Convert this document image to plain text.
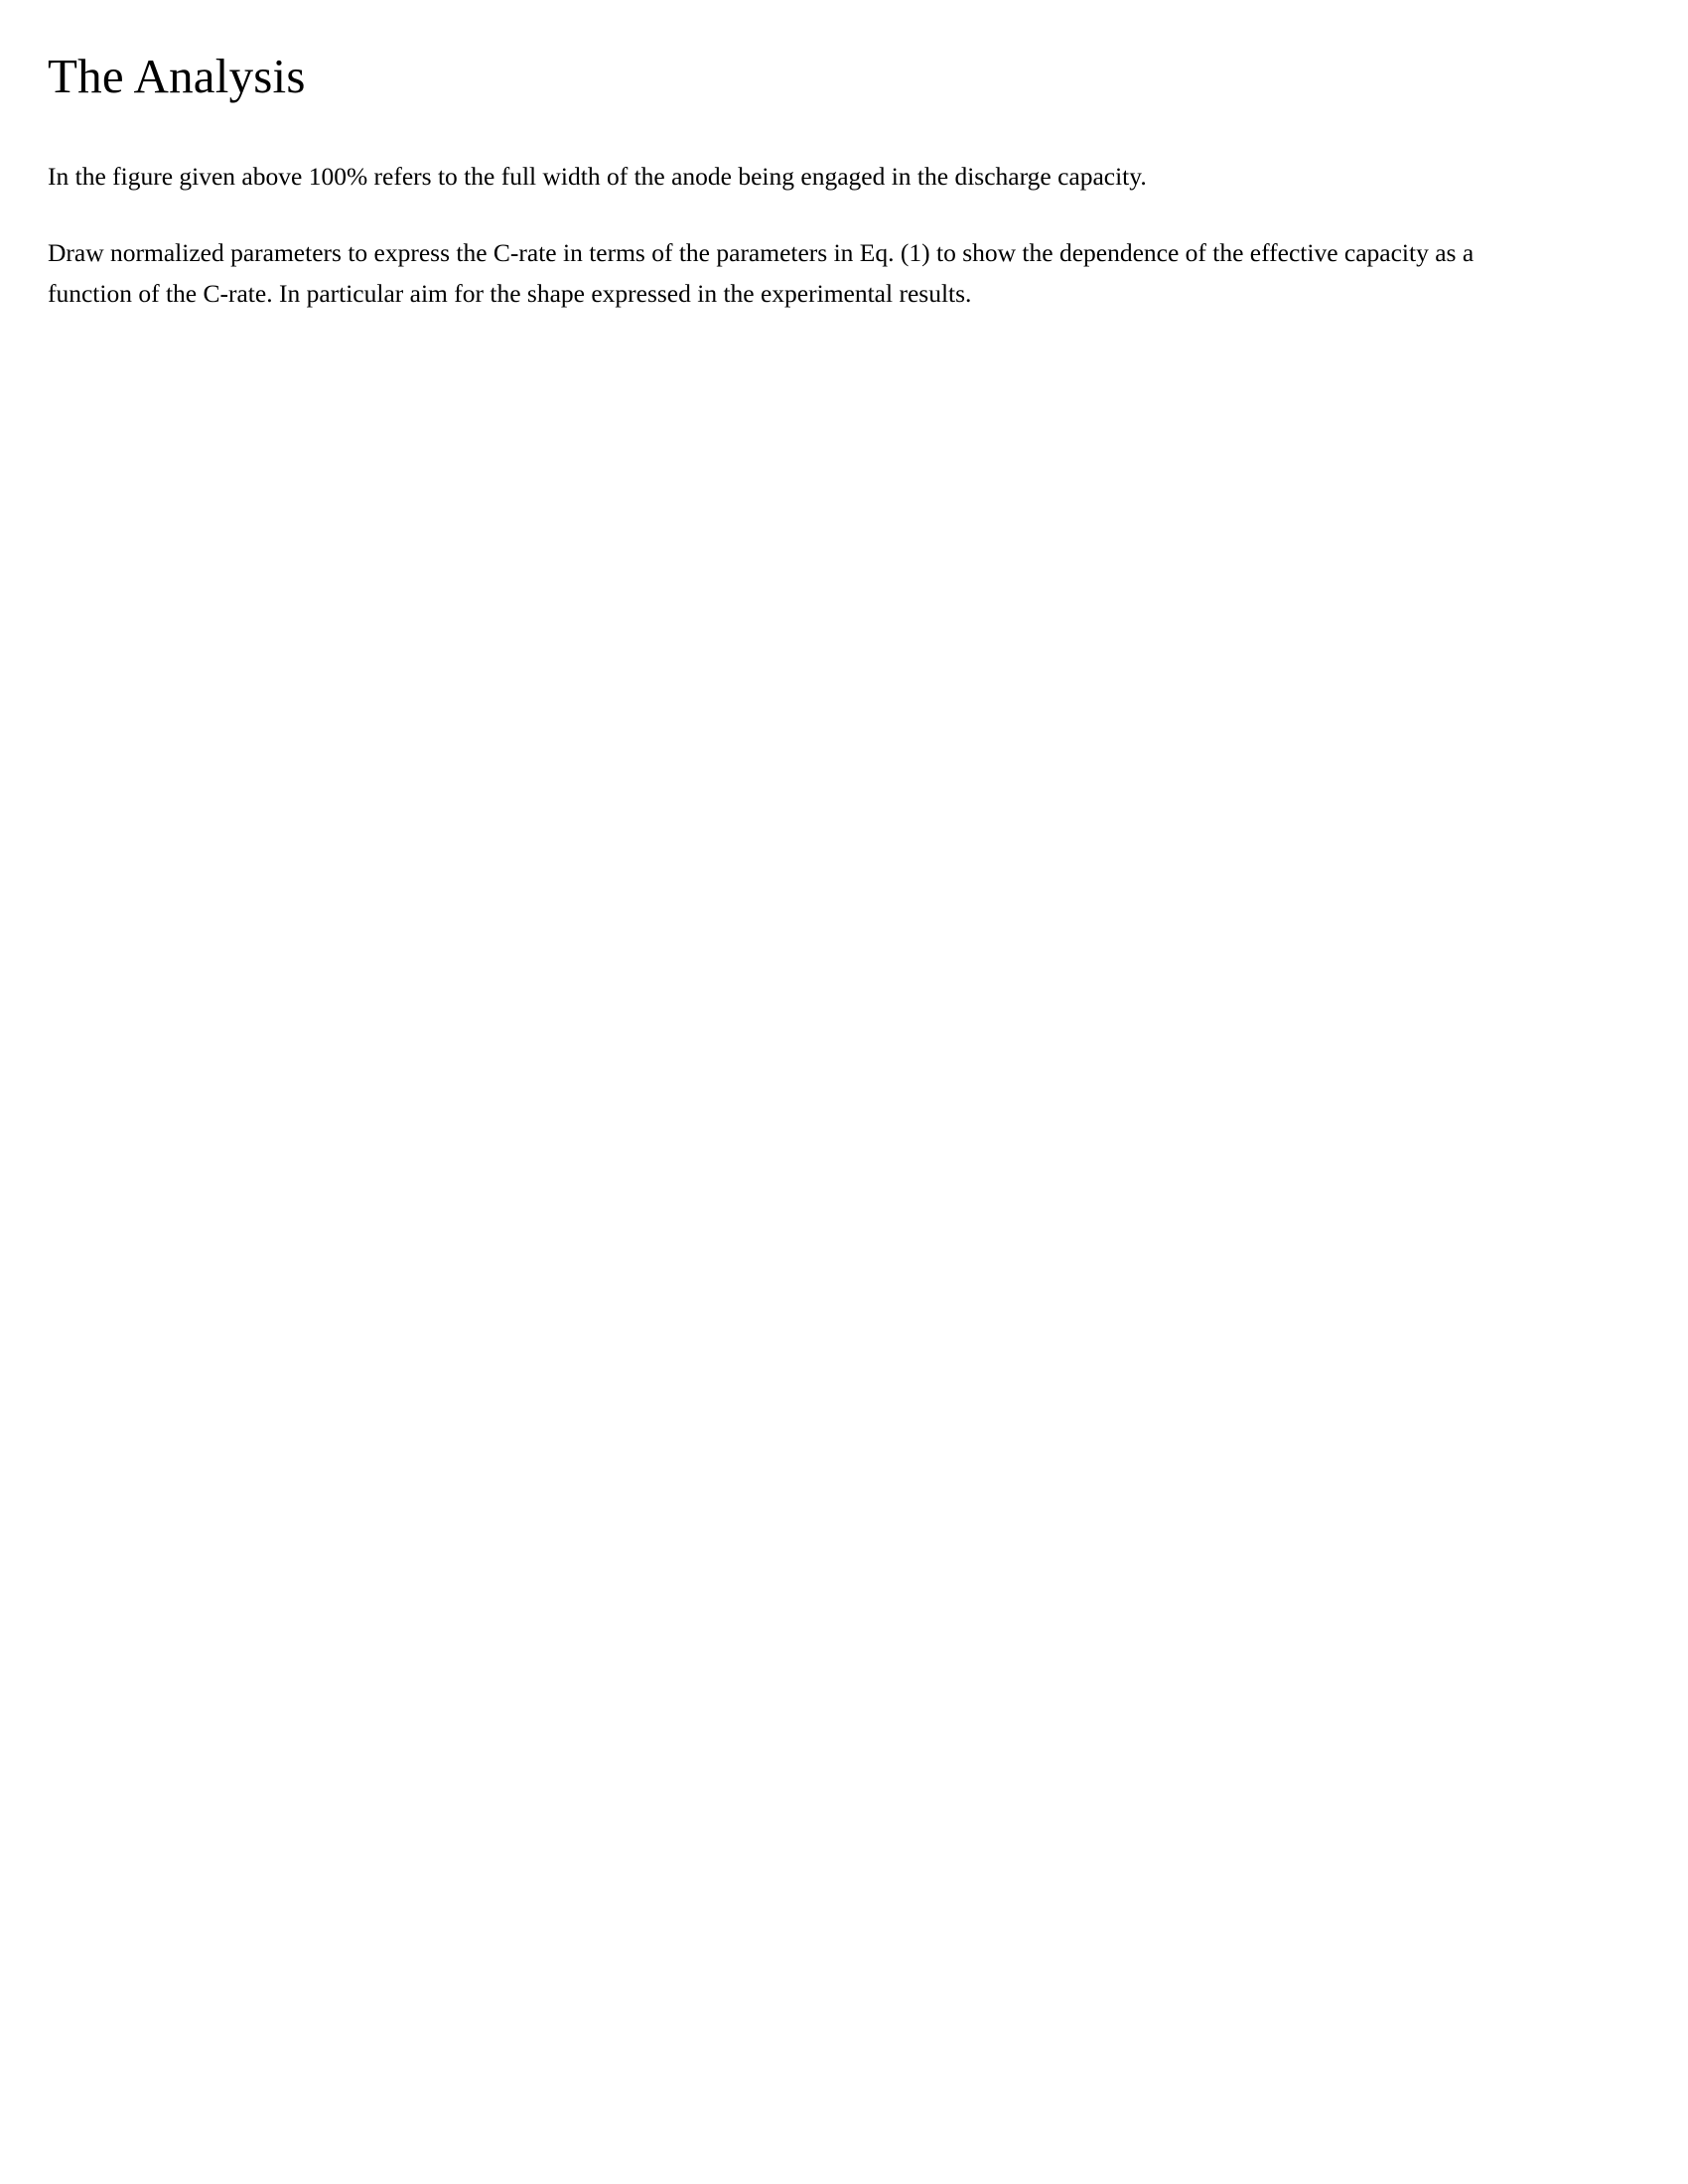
The Analysis

In the figure given above 100% refers to the full width of the anode being engaged in the discharge capacity.

Draw normalized parameters to express the C-rate in terms of the parameters in Eq. (1) to show the dependence of the effective capacity as a function of the C-rate. In particular aim for the shape expressed in the experimental results.
